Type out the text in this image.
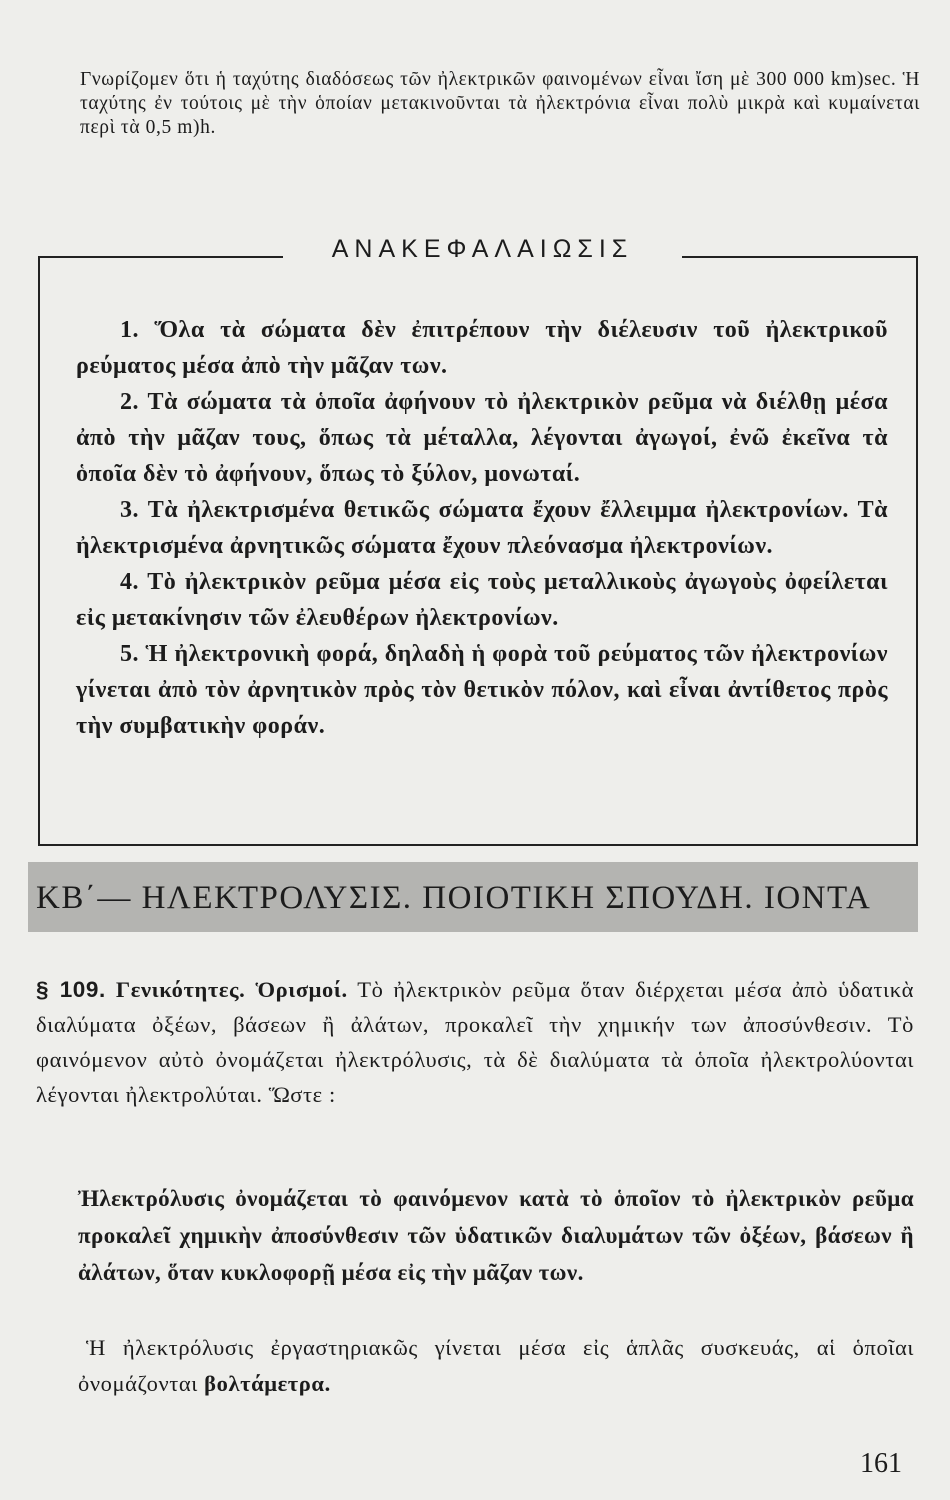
Γνωρίζομεν ὅτι ἡ ταχύτης διαδόσεως τῶν ἠλεκτρικῶν φαινομένων εἶναι ἴση μὲ 300 000 km)sec. Ἡ ταχύτης ἐν τούτοις μὲ τὴν ὁποίαν μετακινοῦνται τὰ ἠλεκτρόνια εἶναι πολὺ μικρὰ καὶ κυμαίνεται περὶ τὰ 0,5 m)h.

ΑΝΑΚΕΦΑΛΑΙΩΣΙΣ

1. Ὅλα τὰ σώματα δὲν ἐπιτρέπουν τὴν διέλευσιν τοῦ ἠλεκτρικοῦ ρεύματος μέσα ἀπὸ τὴν μᾶζαν των.

2. Τὰ σώματα τὰ ὁποῖα ἀφήνουν τὸ ἠλεκτρικὸν ρεῦμα νὰ διέλθῃ μέσα ἀπὸ τὴν μᾶζαν τους, ὅπως τὰ μέταλλα, λέγονται ἀγωγοί, ἐνῶ ἐκεῖνα τὰ ὁποῖα δὲν τὸ ἀφήνουν, ὅπως τὸ ξύλον, μονωταί.

3. Τὰ ἠλεκτρισμένα θετικῶς σώματα ἔχουν ἔλλειμμα ἠλεκτρονίων. Τὰ ἠλεκτρισμένα ἀρνητικῶς σώματα ἔχουν πλεόνασμα ἠλεκτρονίων.

4. Τὸ ἠλεκτρικὸν ρεῦμα μέσα εἰς τοὺς μεταλλικοὺς ἀγωγοὺς ὀφείλεται εἰς μετακίνησιν τῶν ἐλευθέρων ἠλεκτρονίων.

5. Ἡ ἠλεκτρονικὴ φορά, δηλαδὴ ἡ φορὰ τοῦ ρεύματος τῶν ἠλεκτρονίων γίνεται ἀπὸ τὸν ἀρνητικὸν πρὸς τὸν θετικὸν πόλον, καὶ εἶναι ἀντίθετος πρὸς τὴν συμβατικὴν φοράν.

ΚΒ΄— ΗΛΕΚΤΡΟΛΥΣΙΣ. ΠΟΙΟΤΙΚΗ ΣΠΟΥΔΗ. ΙΟΝΤΑ

§ 109. Γενικότητες. Ὁρισμοί. Τὸ ἠλεκτρικὸν ρεῦμα ὅταν διέρχεται μέσα ἀπὸ ὑδατικὰ διαλύματα ὀξέων, βάσεων ἢ ἀλάτων, προκαλεῖ τὴν χημικήν των ἀποσύνθεσιν. Τὸ φαινόμενον αὐτὸ ὀνομάζεται ἠλεκτρόλυσις, τὰ δὲ διαλύματα τὰ ὁποῖα ἠλεκτρολύονται λέγονται ἠλεκτρολύται. Ὥστε :

Ἠλεκτρόλυσις ὀνομάζεται τὸ φαινόμενον κατὰ τὸ ὁποῖον τὸ ἠλεκτρικὸν ρεῦμα προκαλεῖ χημικὴν ἀποσύνθεσιν τῶν ὑδατικῶν διαλυμάτων τῶν ὀξέων, βάσεων ἢ ἀλάτων, ὅταν κυκλοφορῇ μέσα εἰς τὴν μᾶζαν των.

Ἡ ἠλεκτρόλυσις ἐργαστηριακῶς γίνεται μέσα εἰς ἁπλᾶς συσκευάς, αἱ ὁποῖαι ὀνομάζονται βολτάμετρα.

161
